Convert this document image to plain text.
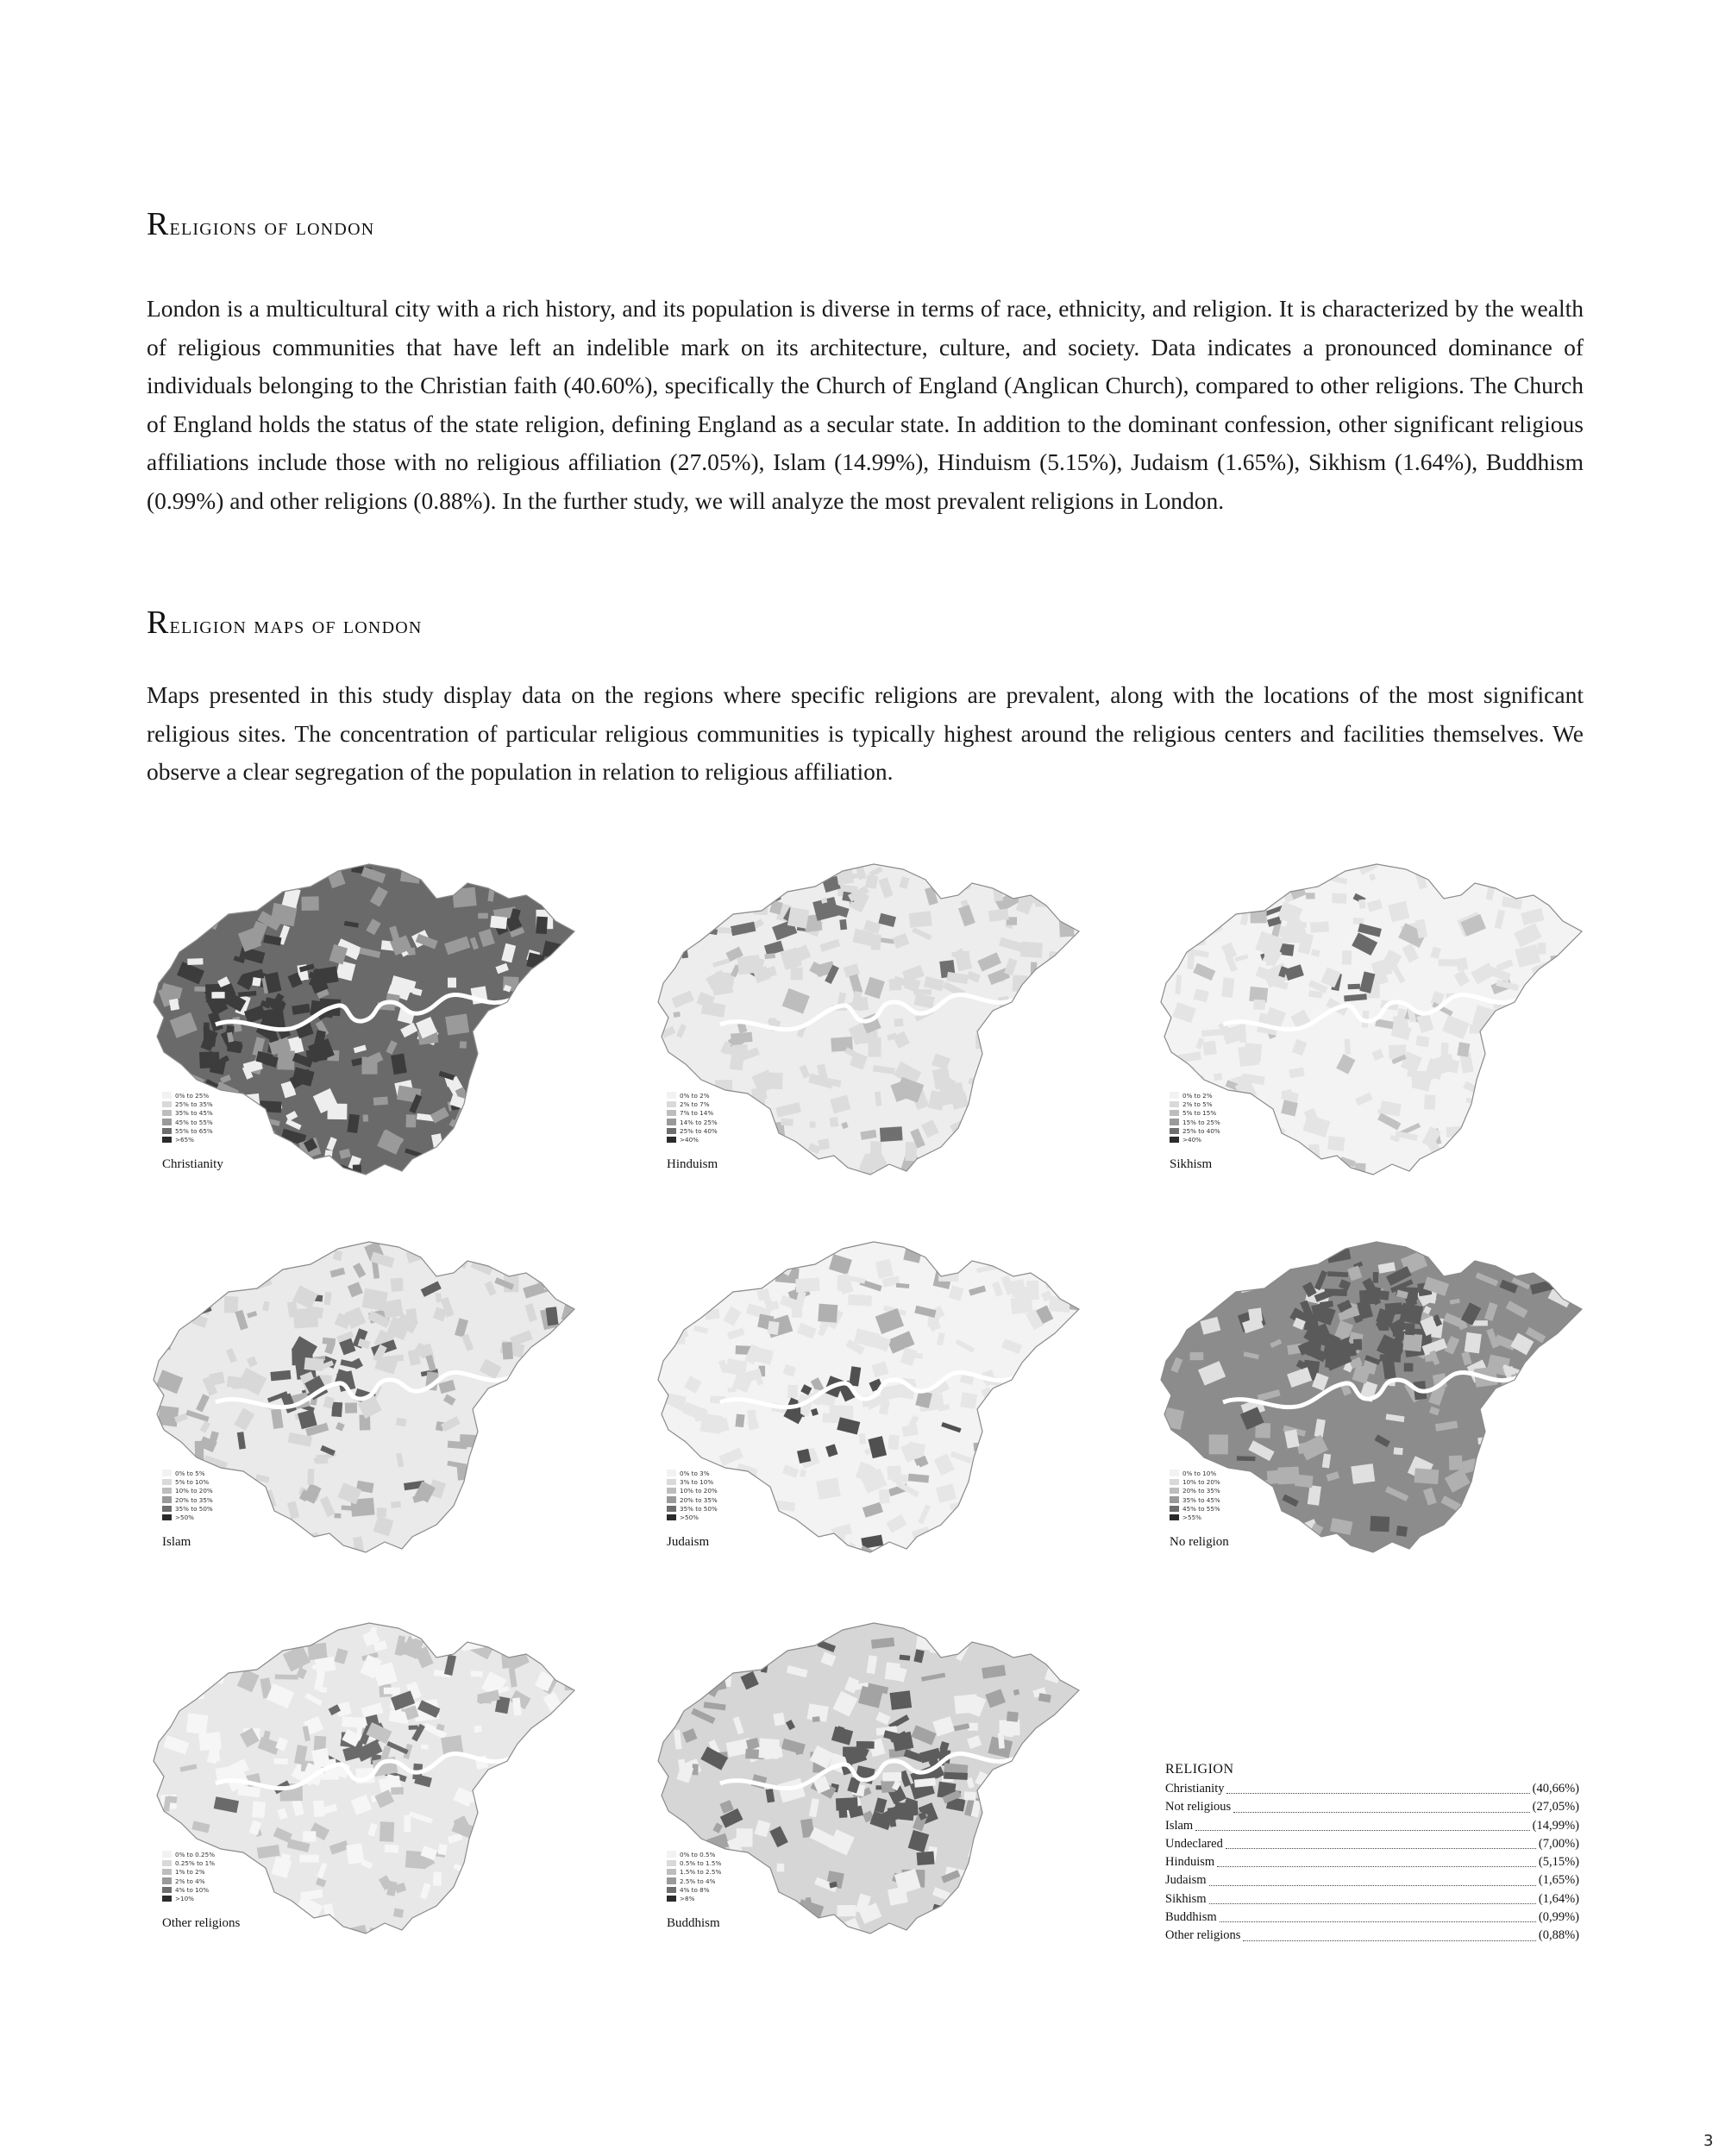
Religions of london

London is a multicultural city with a rich history, and its population is diverse in terms of race, ethnicity, and religion. It is characterized by the wealth of religious communities that have left an indelible mark on its architecture, culture, and society. Data indicates a pronounced dominance of individuals belonging to the Christian faith (40.60%), specifically the Church of England (Anglican Church), compared to other religions. The Church of England holds the status of the state religion, defining England as a secular state. In addition to the dominant confession, other significant religious affiliations include those with no religious affiliation (27.05%), Islam (14.99%), Hinduism (5.15%), Judaism (1.65%), Sikhism (1.64%), Buddhism (0.99%) and other religions (0.88%). In the further study, we will analyze the most prevalent religions in London.

Religion maps of london

Maps presented in this study display data on the regions where specific religions are prevalent, along with the locations of the most significant religious sites. The concentration of particular religious communities is typically highest around the religious centers and facilities themselves. We observe a clear segregation of the population in relation to religious affiliation.

0% to 25%
25% to 35%
35% to 45%
45% to 55%
55% to 65%
>65%
Christianity
0% to 2%
2% to 7%
7% to 14%
14% to 25%
25% to 40%
>40%
Hinduism
0% to 2%
2% to 5%
5% to 15%
15% to 25%
25% to 40%
>40%
Sikhism
0% to 5%
5% to 10%
10% to 20%
20% to 35%
35% to 50%
>50%
Islam
0% to 3%
3% to 10%
10% to 20%
20% to 35%
35% to 50%
>50%
Judaism
0% to 10%
10% to 20%
20% to 35%
35% to 45%
45% to 55%
>55%
No religion
0% to 0.25%
0.25% to 1%
1% to 2%
2% to 4%
4% to 10%
>10%
Other religions
0% to 0.5%
0.5% to 1.5%
1.5% to 2.5%
2.5% to 4%
4% to 8%
>8%
Buddhism
RELIGION
Christianity	(40,66%)
Not religious	(27,05%)
Islam	(14,99%)
Undeclared	(7,00%)
Hinduism	(5,15%)
Judaism	(1,65%)
Sikhism	(1,64%)
Buddhism	(0,99%)
Other religions	(0,88%)
3
